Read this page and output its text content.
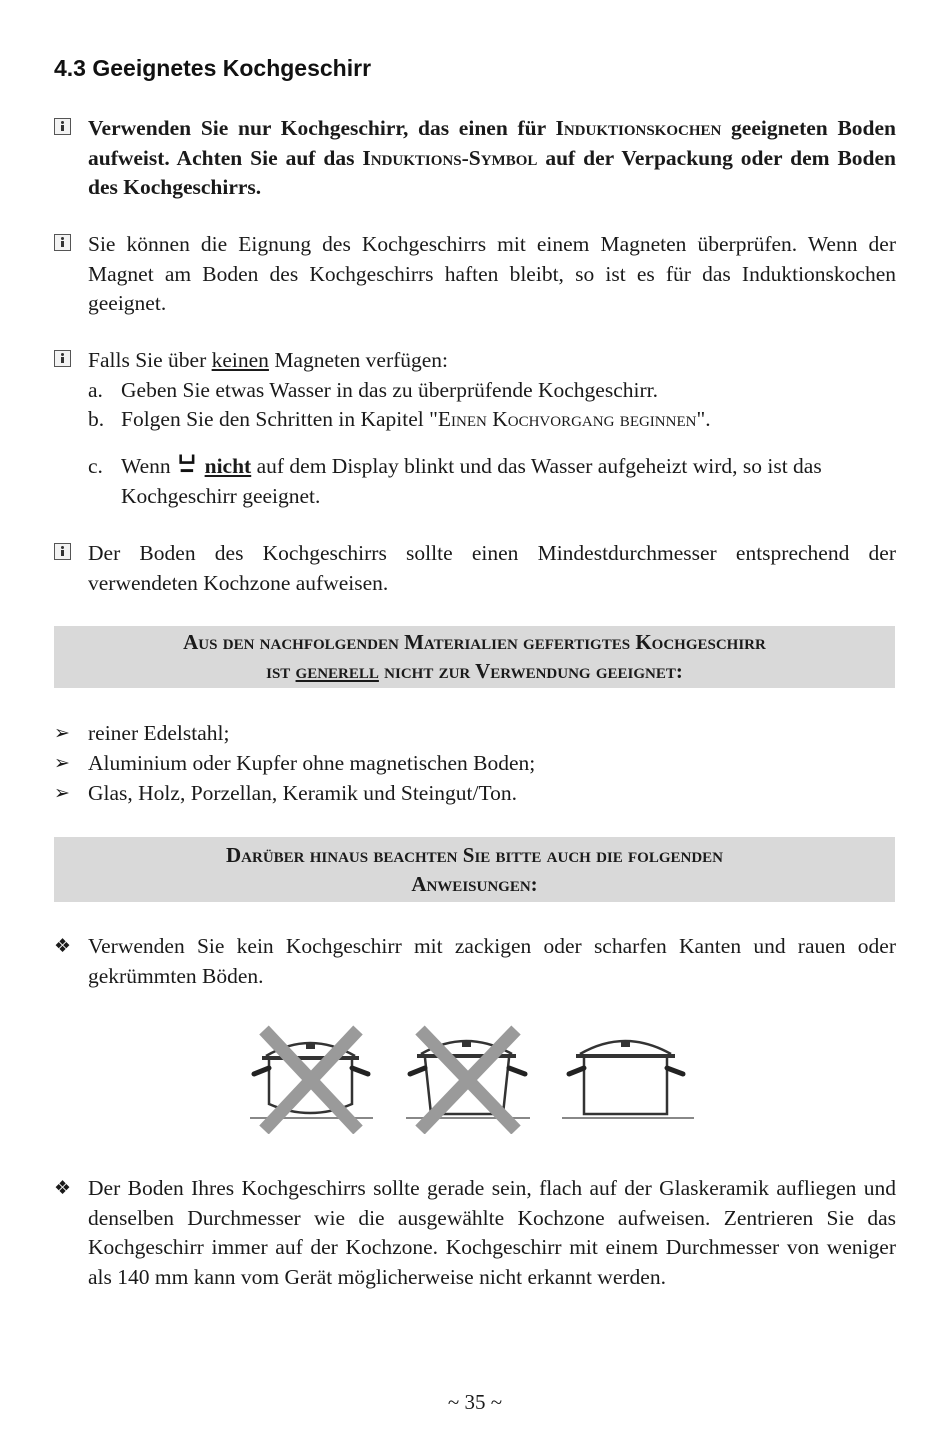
4.3 Geeignetes Kochgeschirr
Verwenden Sie nur Kochgeschirr, das einen für Induktionskochen geeigneten Boden aufweist. Achten Sie auf das Induktions-Symbol auf der Verpackung oder dem Boden des Kochgeschirrs.
Sie können die Eignung des Kochgeschirrs mit einem Magneten überprüfen. Wenn der Magnet am Boden des Kochgeschirrs haften bleibt, so ist es für das Induktionskochen geeignet.
Falls Sie über keinen Magneten verfügen:
a. Geben Sie etwas Wasser in das zu überprüfende Kochgeschirr.
b. Folgen Sie den Schritten in Kapitel "Einen Kochvorgang beginnen".
c. Wenn nicht auf dem Display blinkt und das Wasser aufgeheizt wird, so ist das Kochgeschirr geeignet.
Der Boden des Kochgeschirrs sollte einen Mindestdurchmesser entsprechend der verwendeten Kochzone aufweisen.
Aus den nachfolgenden Materialien gefertigtes Kochgeschirr
ist generell nicht zur Verwendung geeignet:
➢ reiner Edelstahl;
➢ Aluminium oder Kupfer ohne magnetischen Boden;
➢ Glas, Holz, Porzellan, Keramik und Steingut/Ton.
Darüber hinaus beachten Sie bitte auch die folgenden
Anweisungen:
❖ Verwenden Sie kein Kochgeschirr mit zackigen oder scharfen Kanten und rauen oder gekrümmten Böden.
❖ Der Boden Ihres Kochgeschirrs sollte gerade sein, flach auf der Glaskeramik aufliegen und denselben Durchmesser wie die ausgewählte Kochzone aufweisen. Zentrieren Sie das Kochgeschirr immer auf der Kochzone. Kochgeschirr mit einem Durchmesser von weniger als 140 mm kann vom Gerät möglicherweise nicht erkannt werden.
~ 35 ~
